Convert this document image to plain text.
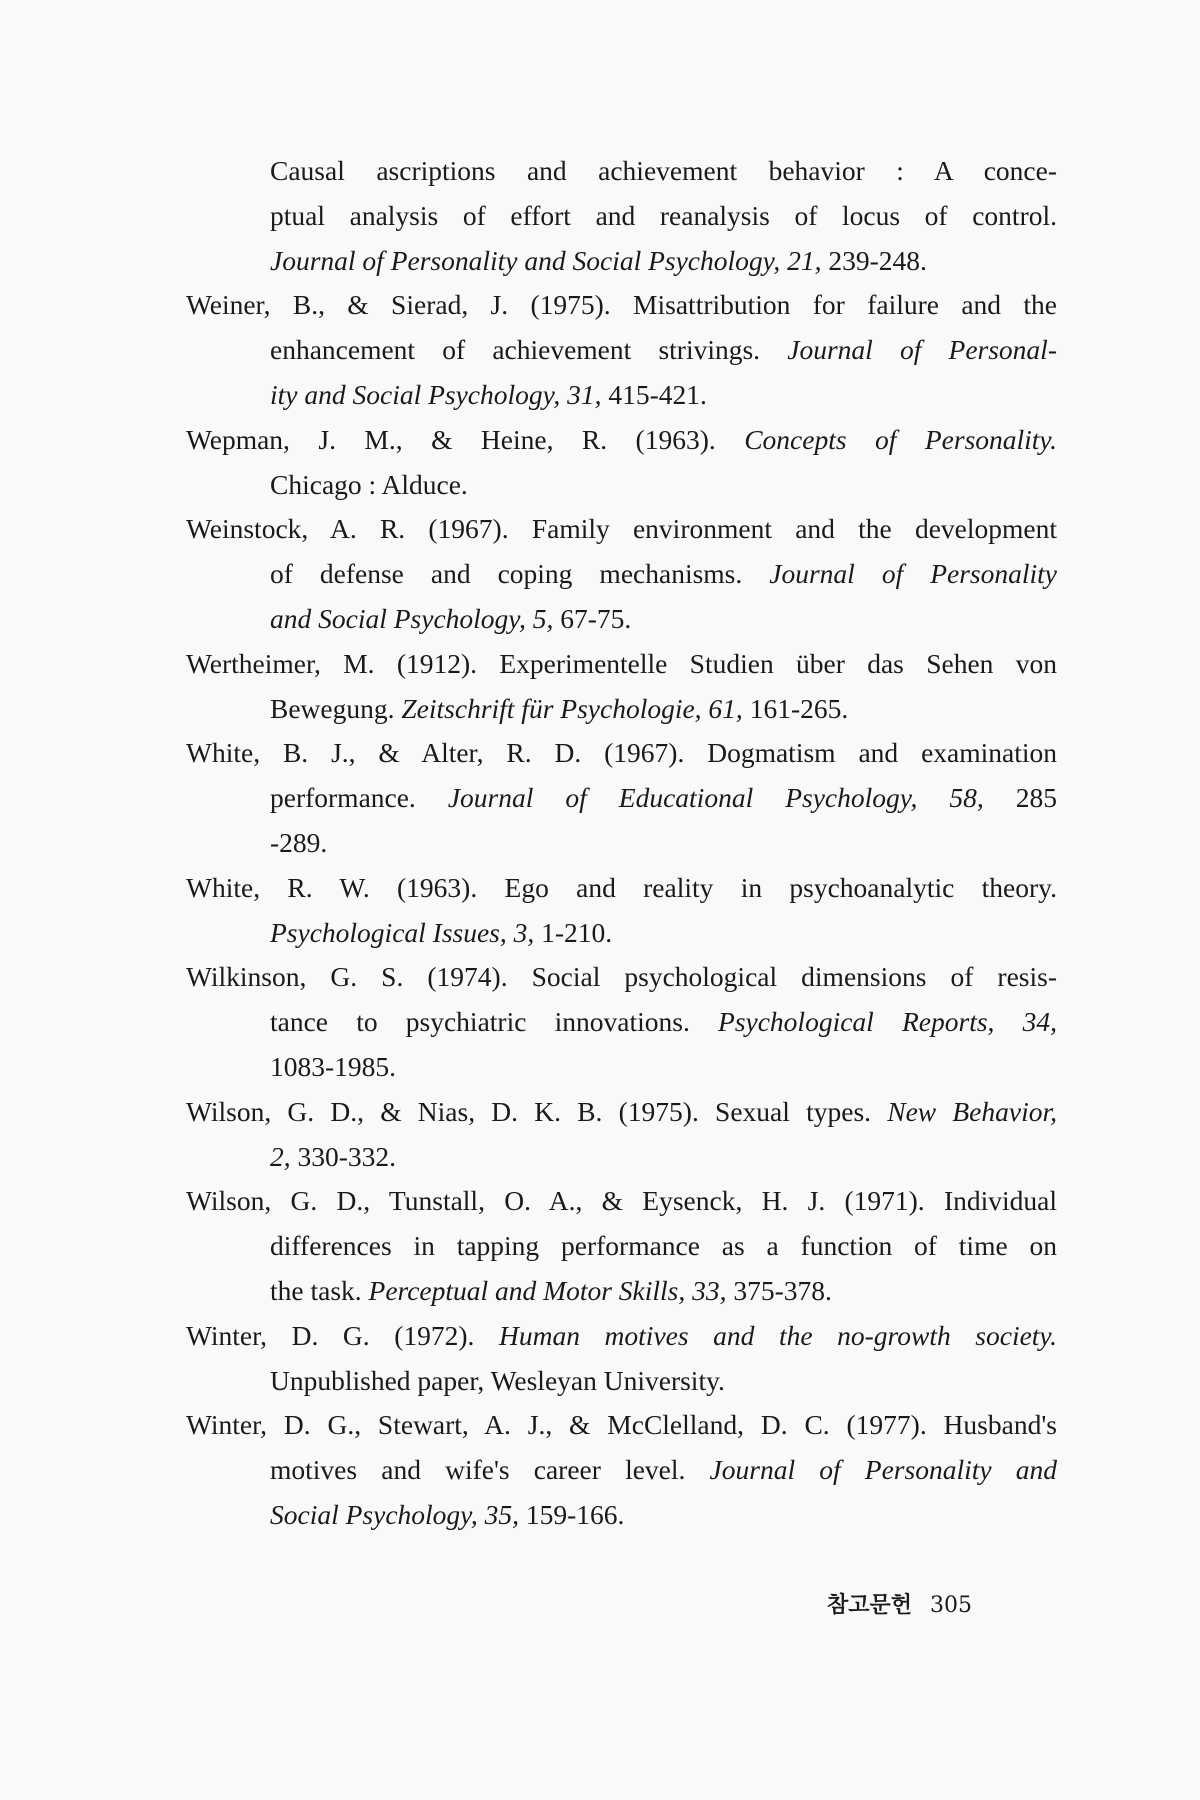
Causal ascriptions and achievement behavior : A conce-
ptual analysis of effort and reanalysis of locus of control.
Journal of Personality and Social Psychology, 21, 239-248.
Weiner, B., & Sierad, J. (1975). Misattribution for failure and the
enhancement of achievement strivings. Journal of Personal-
ity and Social Psychology, 31, 415-421.
Wepman, J. M., & Heine, R. (1963). Concepts of Personality.
Chicago : Alduce.
Weinstock, A. R. (1967). Family environment and the development
of defense and coping mechanisms. Journal of Personality
and Social Psychology, 5, 67-75.
Wertheimer, M. (1912). Experimentelle Studien über das Sehen von
Bewegung. Zeitschrift für Psychologie, 61, 161-265.
White, B. J., & Alter, R. D. (1967). Dogmatism and examination
performance. Journal of Educational Psychology, 58, 285
-289.
White, R. W. (1963). Ego and reality in psychoanalytic theory.
Psychological Issues, 3, 1-210.
Wilkinson, G. S. (1974). Social psychological dimensions of resis-
tance to psychiatric innovations. Psychological Reports, 34,
1083-1985.
Wilson, G. D., & Nias, D. K. B. (1975). Sexual types. New Behavior,
2, 330-332.
Wilson, G. D., Tunstall, O. A., & Eysenck, H. J. (1971). Individual
differences in tapping performance as a function of time on
the task. Perceptual and Motor Skills, 33, 375-378.
Winter, D. G. (1972). Human motives and the no-growth society.
Unpublished paper, Wesleyan University.
Winter, D. G., Stewart, A. J., & McClelland, D. C. (1977). Husband's
motives and wife's career level. Journal of Personality and
Social Psychology, 35, 159-166.
참고문헌 305
